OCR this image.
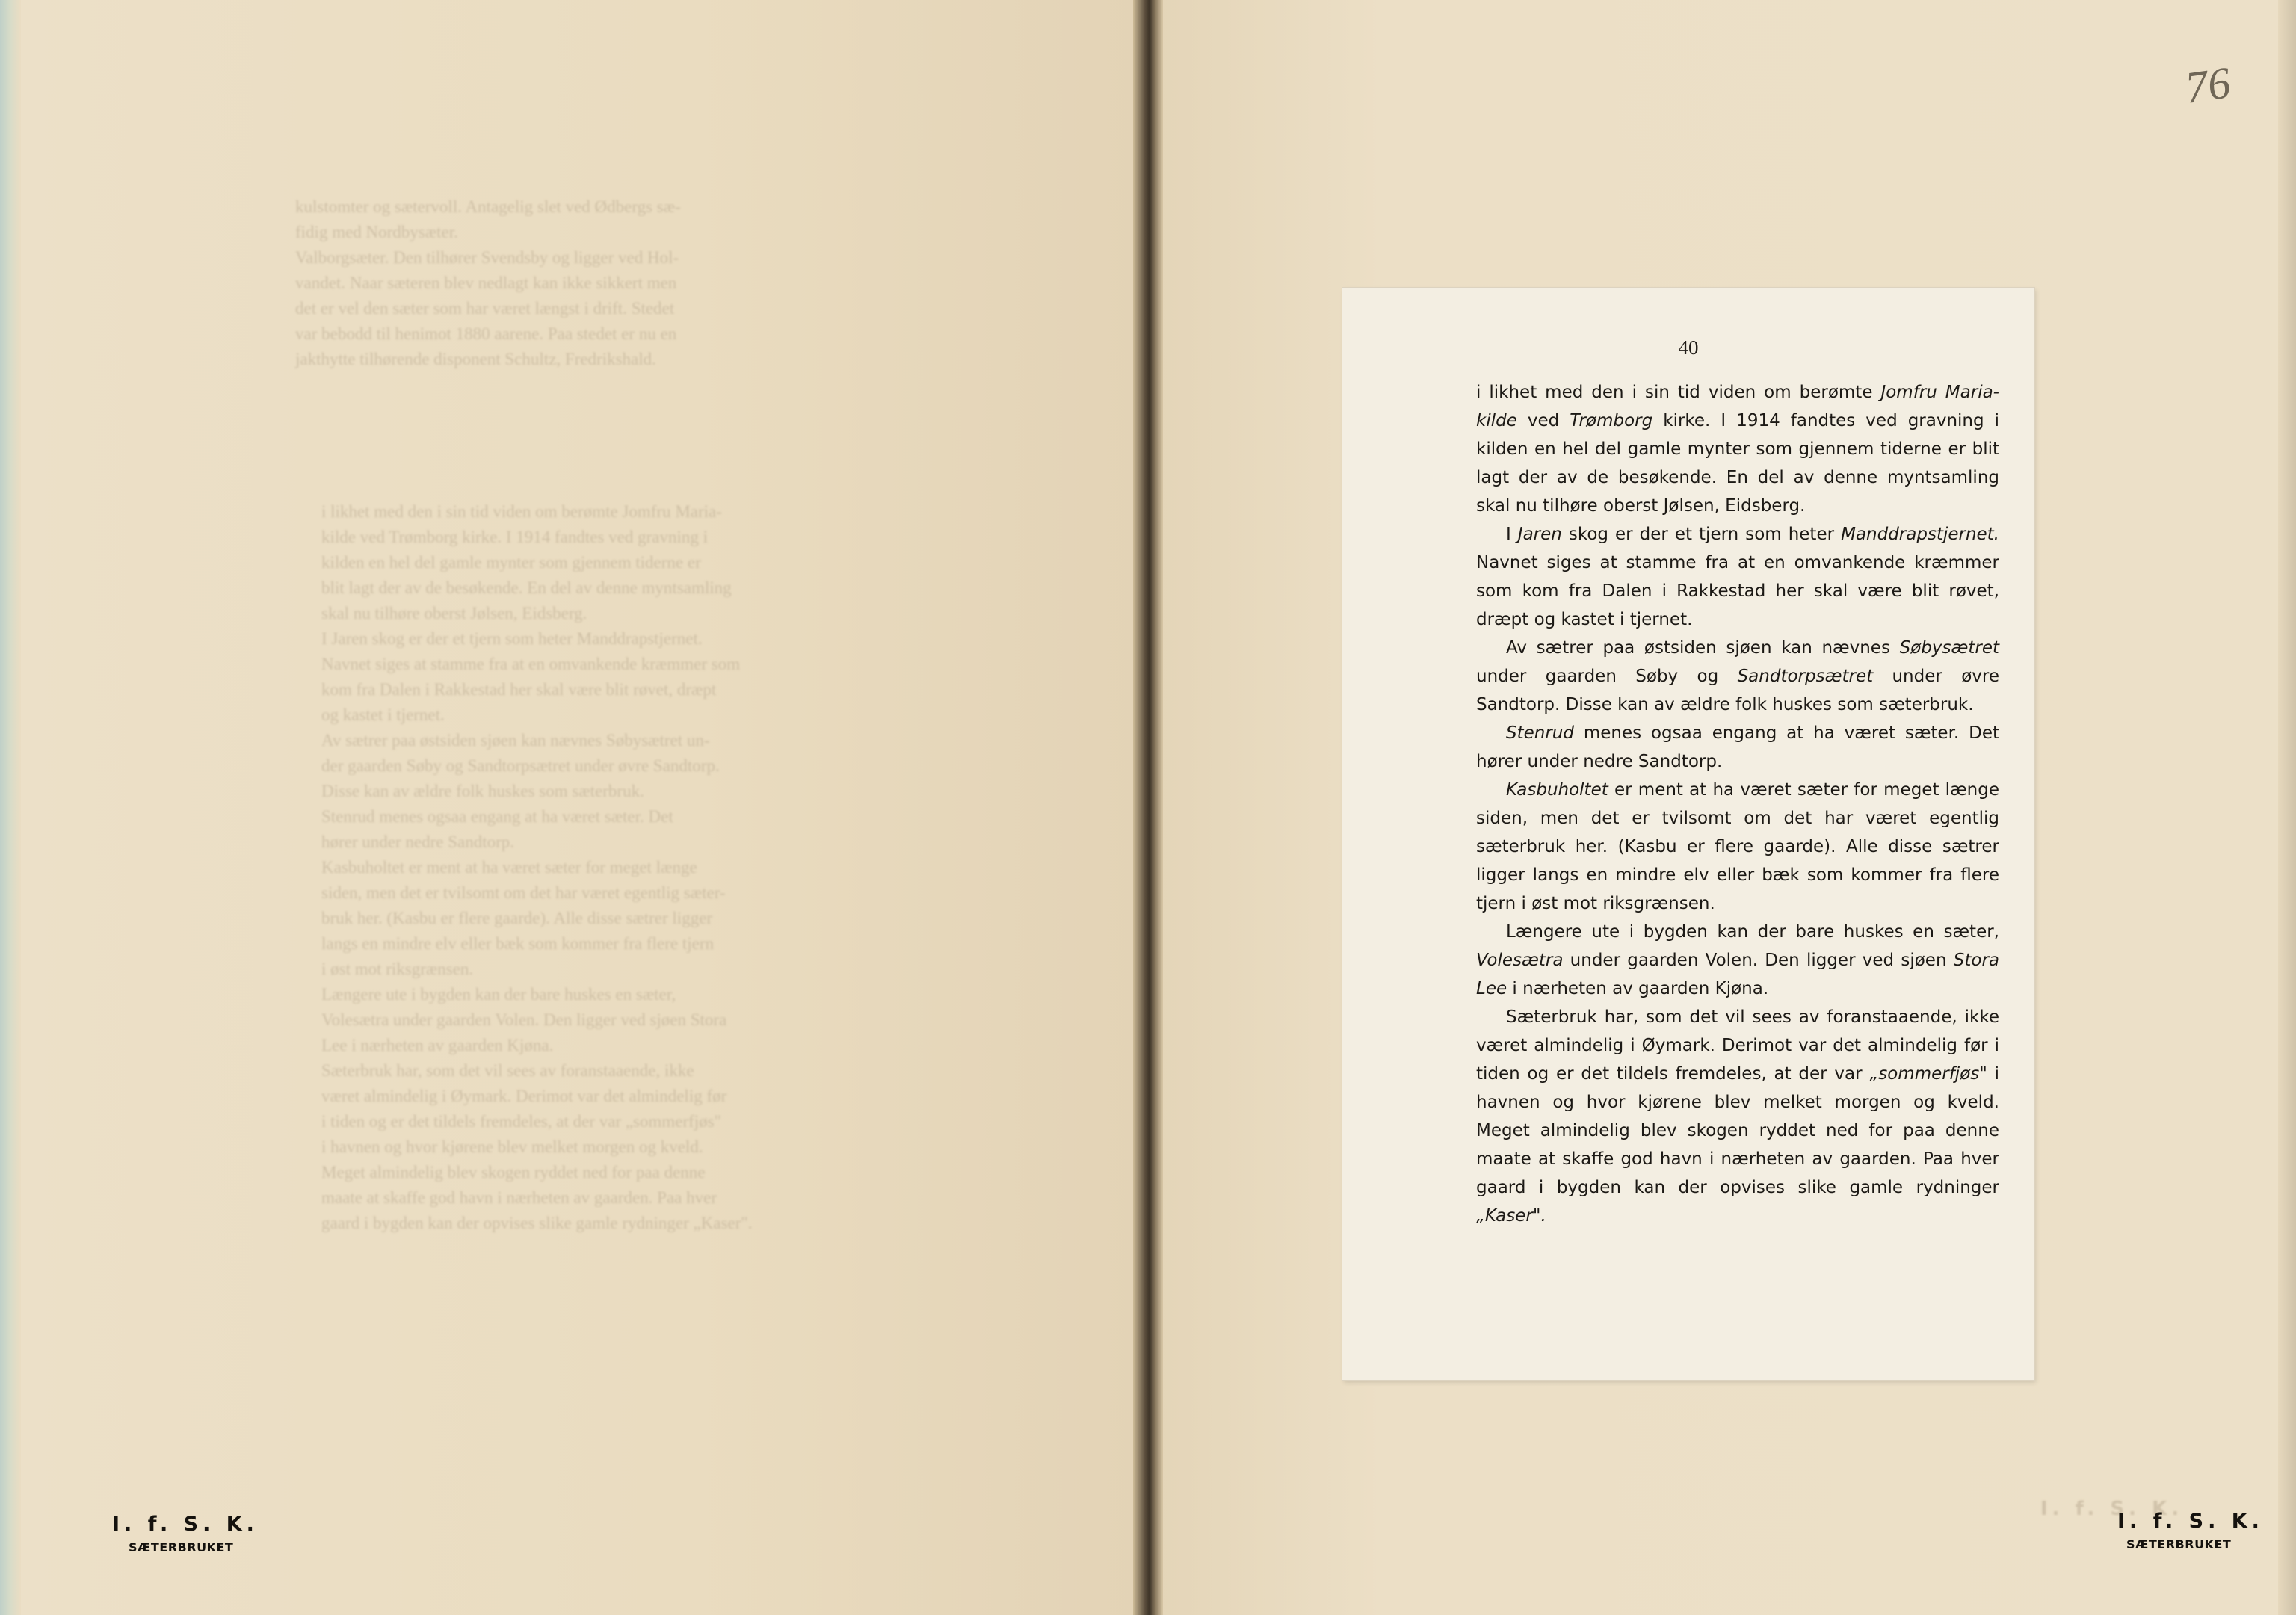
kulstomter og sætervoll. Antagelig slet ved Ødbergs sæ-
fidig med Nordbysæter.
Valborgsæter. Den tilhører Svendsby og ligger ved Hol-
vandet. Naar sæteren blev nedlagt kan ikke sikkert men
det er vel den sæter som har været længst i drift. Stedet
var bebodd til henimot 1880 aarene. Paa stedet er nu en
jakthytte tilhørende disponent Schultz, Fredrikshald.
i likhet med den i sin tid viden om berømte Jomfru Maria-
kilde ved Trømborg kirke. I 1914 fandtes ved gravning i
kilden en hel del gamle mynter som gjennem tiderne er
blit lagt der av de besøkende. En del av denne myntsamling
skal nu tilhøre oberst Jølsen, Eidsberg.
I Jaren skog er der et tjern som heter Manddrapstjernet.
Navnet siges at stamme fra at en omvankende kræmmer som
kom fra Dalen i Rakkestad her skal være blit røvet, dræpt
og kastet i tjernet.
Av sætrer paa østsiden sjøen kan nævnes Søbysætret un-
der gaarden Søby og Sandtorpsætret under øvre Sandtorp.
Disse kan av ældre folk huskes som sæterbruk.
Stenrud menes ogsaa engang at ha været sæter. Det
hører under nedre Sandtorp.
Kasbuholtet er ment at ha været sæter for meget længe
siden, men det er tvilsomt om det har været egentlig sæter-
bruk her. (Kasbu er flere gaarde). Alle disse sætrer ligger
langs en mindre elv eller bæk som kommer fra flere tjern
i øst mot riksgrænsen.
Længere ute i bygden kan der bare huskes en sæter,
Volesætra under gaarden Volen. Den ligger ved sjøen Stora
Lee i nærheten av gaarden Kjøna.
Sæterbruk har, som det vil sees av foranstaaende, ikke
været almindelig i Øymark. Derimot var det almindelig før
i tiden og er det tildels fremdeles, at der var „sommerfjøs"
i havnen og hvor kjørene blev melket morgen og kveld.
Meget almindelig blev skogen ryddet ned for paa denne
maate at skaffe god havn i nærheten av gaarden. Paa hver
gaard i bygden kan der opvises slike gamle rydninger „Kaser".
76
I. f. S. K.
40

i likhet med den i sin tid viden om berømte Jomfru Maria-kilde ved Trømborg kirke. I 1914 fandtes ved gravning i kilden en hel del gamle mynter som gjennem tiderne er blit lagt der av de besøkende. En del av denne myntsamling skal nu tilhøre oberst Jølsen, Eidsberg.

I Jaren skog er der et tjern som heter Manddrapstjernet. Navnet siges at stamme fra at en omvankende kræmmer som kom fra Dalen i Rakkestad her skal være blit røvet, dræpt og kastet i tjernet.

Av sætrer paa østsiden sjøen kan nævnes Søbysætret under gaarden Søby og Sandtorpsætret under øvre Sandtorp. Disse kan av ældre folk huskes som sæterbruk.

Stenrud menes ogsaa engang at ha været sæter. Det hører under nedre Sandtorp.

Kasbuholtet er ment at ha været sæter for meget længe siden, men det er tvilsomt om det har været egentlig sæterbruk her. (Kasbu er flere gaarde). Alle disse sætrer ligger langs en mindre elv eller bæk som kommer fra flere tjern i øst mot riksgrænsen.

Længere ute i bygden kan der bare huskes en sæter, Volesætra under gaarden Volen. Den ligger ved sjøen Stora Lee i nærheten av gaarden Kjøna.

Sæterbruk har, som det vil sees av foranstaaende, ikke været almindelig i Øymark. Derimot var det almindelig før i tiden og er det tildels fremdeles, at der var „sommerfjøs" i havnen og hvor kjørene blev melket morgen og kveld. Meget almindelig blev skogen ryddet ned for paa denne maate at skaffe god havn i nærheten av gaarden. Paa hver gaard i bygden kan der opvises slike gamle rydninger „Kaser".

I. f. S. K.
SÆTERBRUKET
I. f. S. K.
SÆTERBRUKET
